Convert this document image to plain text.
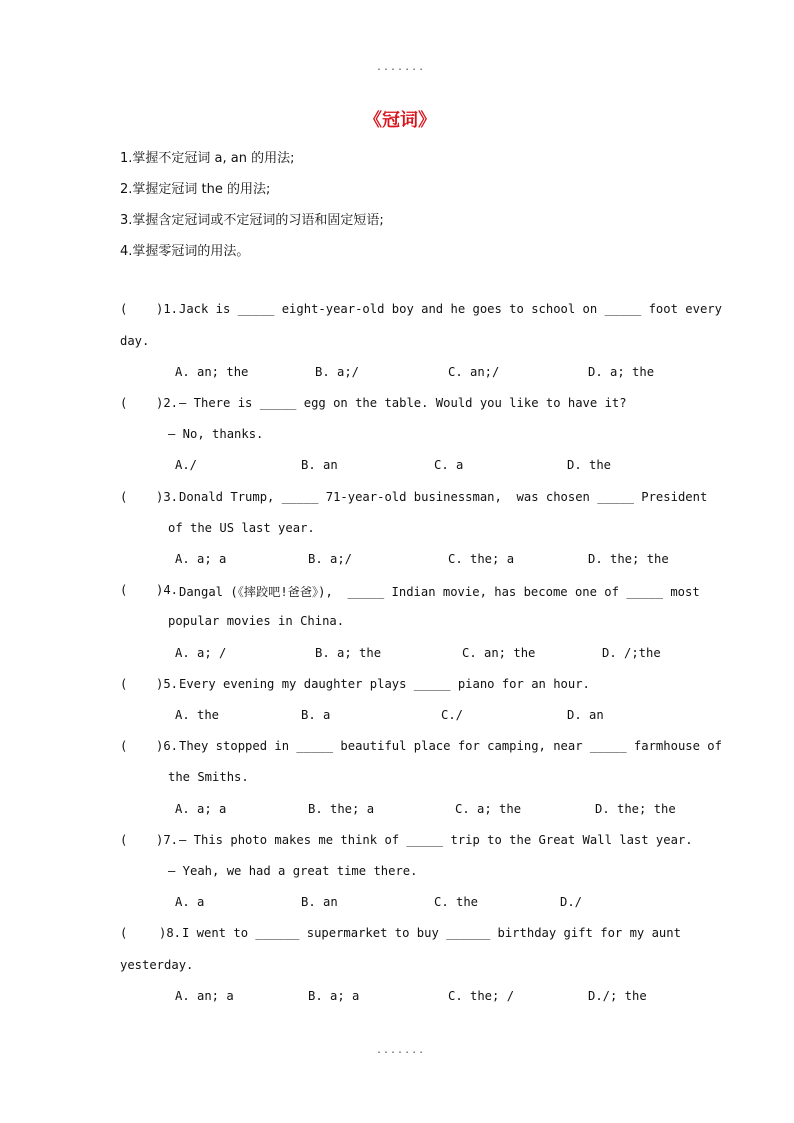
.......
.......
《冠词》
1.掌握不定冠词 a, an 的用法;
2.掌握定冠词 the 的用法;
3.掌握含定冠词或不定冠词的习语和固定短语;
4.掌握零冠词的用法。
( )1. Jack is _____ eight-year-old boy and he goes to school on _____ foot every
day.
A. an; the	B. a;/	C. an;/	D. a; the
( )2. — There is _____ egg on the table. Would you like to have it?
— No, thanks.
A./	B. an	C. a	D. the
( )3. Donald Trump, _____ 71-year-old businessman,  was chosen _____ President
of the US last year.
A. a; a	B. a;/	C. the; a	D. the; the
( )4. Dangal (《摔跤吧!爸爸》),  _____ Indian movie, has become one of _____ most
popular movies in China.
A. a; /	B. a; the	C. an; the	D. /;the
( )5. Every evening my daughter plays _____ piano for an hour.
A. the	B. a	C./	D. an
( )6. They stopped in _____ beautiful place for camping, near _____ farmhouse of
the Smiths.
A. a; a	B. the; a	C. a; the	D. the; the
( )7. — This photo makes me think of _____ trip to the Great Wall last year.
— Yeah, we had a great time there.
A. a	B. an	C. the	D./
(	)8. I went to ______ supermarket to buy ______ birthday gift for my aunt
yesterday.
A. an; a	B. a; a	C. the; /	D./; the
